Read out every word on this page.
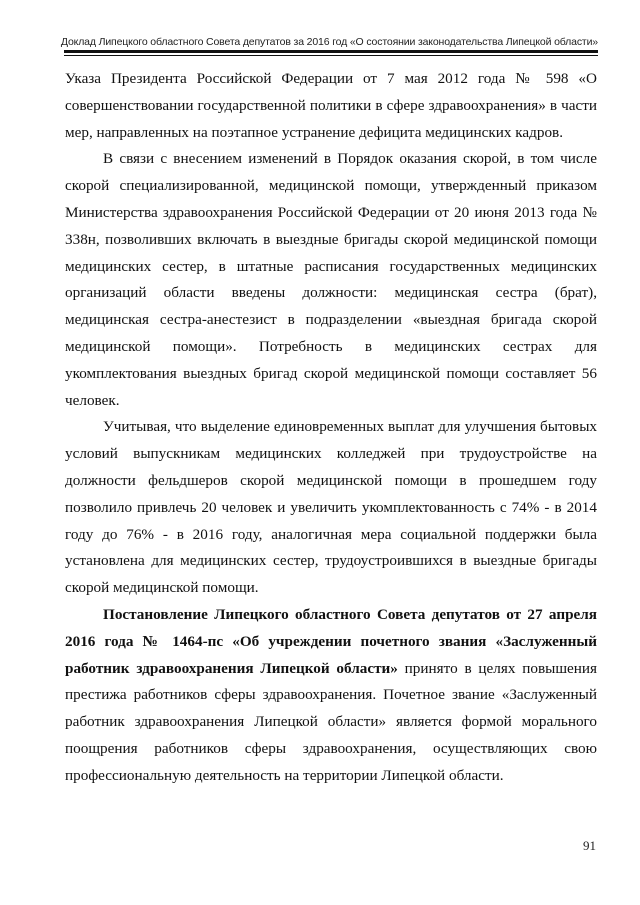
Доклад Липецкого областного Совета депутатов за 2016 год «О состоянии законодательства Липецкой области»

Указа Президента Российской Федерации от 7 мая 2012 года № 598 «О совершенствовании государственной политики в сфере здравоохранения» в части мер, направленных на поэтапное устранение дефицита медицинских кадров.

В связи с внесением изменений в Порядок оказания скорой, в том числе скорой специализированной, медицинской помощи, утвержденный приказом Министерства здравоохранения Российской Федерации от 20 июня 2013 года № 338н, позволивших включать в выездные бригады скорой медицинской помощи медицинских сестер, в штатные расписания государственных медицинских организаций области введены должности: медицинская сестра (брат), медицинская сестра-анестезист в подразделении «выездная бригада скорой медицинской помощи». Потребность в медицинских сестрах для укомплектования выездных бригад скорой медицинской помощи составляет 56 человек.

Учитывая, что выделение единовременных выплат для улучшения бытовых условий выпускникам медицинских колледжей при трудоустройстве на должности фельдшеров скорой медицинской помощи в прошедшем году позволило привлечь 20 человек и увеличить укомплектованность с 74% - в 2014 году до 76% - в 2016 году, аналогичная мера социальной поддержки была установлена для медицинских сестер, трудоустроившихся в выездные бригады скорой медицинской помощи.

Постановление Липецкого областного Совета депутатов от 27 апреля 2016 года № 1464-пс «Об учреждении почетного звания «Заслуженный работник здравоохранения Липецкой области» принято в целях повышения престижа работников сферы здравоохранения. Почетное звание «Заслуженный работник здравоохранения Липецкой области» является формой морального поощрения работников сферы здравоохранения, осуществляющих свою профессиональную деятельность на территории Липецкой области.

91
